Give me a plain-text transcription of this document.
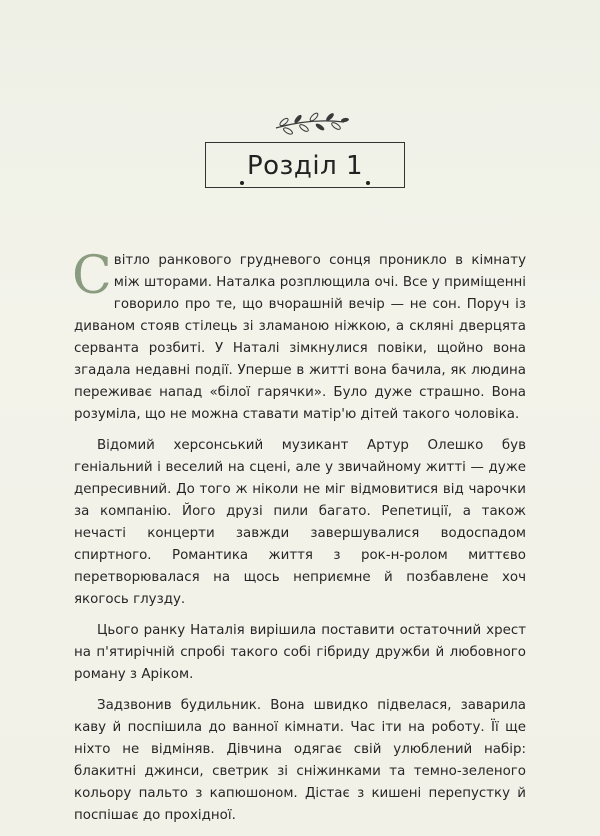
Розділ 1

Світло ранкового грудневого сонця проникло в кімнату між шторами. Наталка розплющила очі. Все у приміщенні говорило про те, що вчорашній вечір — не сон. Поруч із диваном стояв стілець зі зламаною ніжкою, а скляні дверцята серванта розбиті. У Наталі зімкнулися повіки, щойно вона згадала недавні події. Уперше в житті вона бачила, як людина переживає напад «білої гарячки». Було дуже страшно. Вона розуміла, що не можна ставати матір'ю дітей такого чоловіка.

Відомий херсонський музикант Артур Олешко був геніальний і веселий на сцені, але у звичайному житті — дуже депресивний. До того ж ніколи не міг відмовитися від чарочки за компанію. Його друзі пили багато. Репетиції, а також нечасті концерти завжди завершувалися водоспадом спиртного. Романтика життя з рок-н-ролом миттєво перетворювалася на щось неприємне й позбавлене хоч якогось глузду.

Цього ранку Наталія вирішила поставити остаточний хрест на п'ятирічній спробі такого собі гібриду дружби й любовного роману з Аріком.

Задзвонив будильник. Вона швидко підвелася, заварила каву й поспішила до ванної кімнати. Час іти на роботу. Її ще ніхто не відміняв. Дівчина одягає свій улюблений набір: блакитні джинси, светрик зі сніжинками та темно-зеленого кольору пальто з капюшоном. Дістає з кишені перепустку й поспішає до прохідної.
